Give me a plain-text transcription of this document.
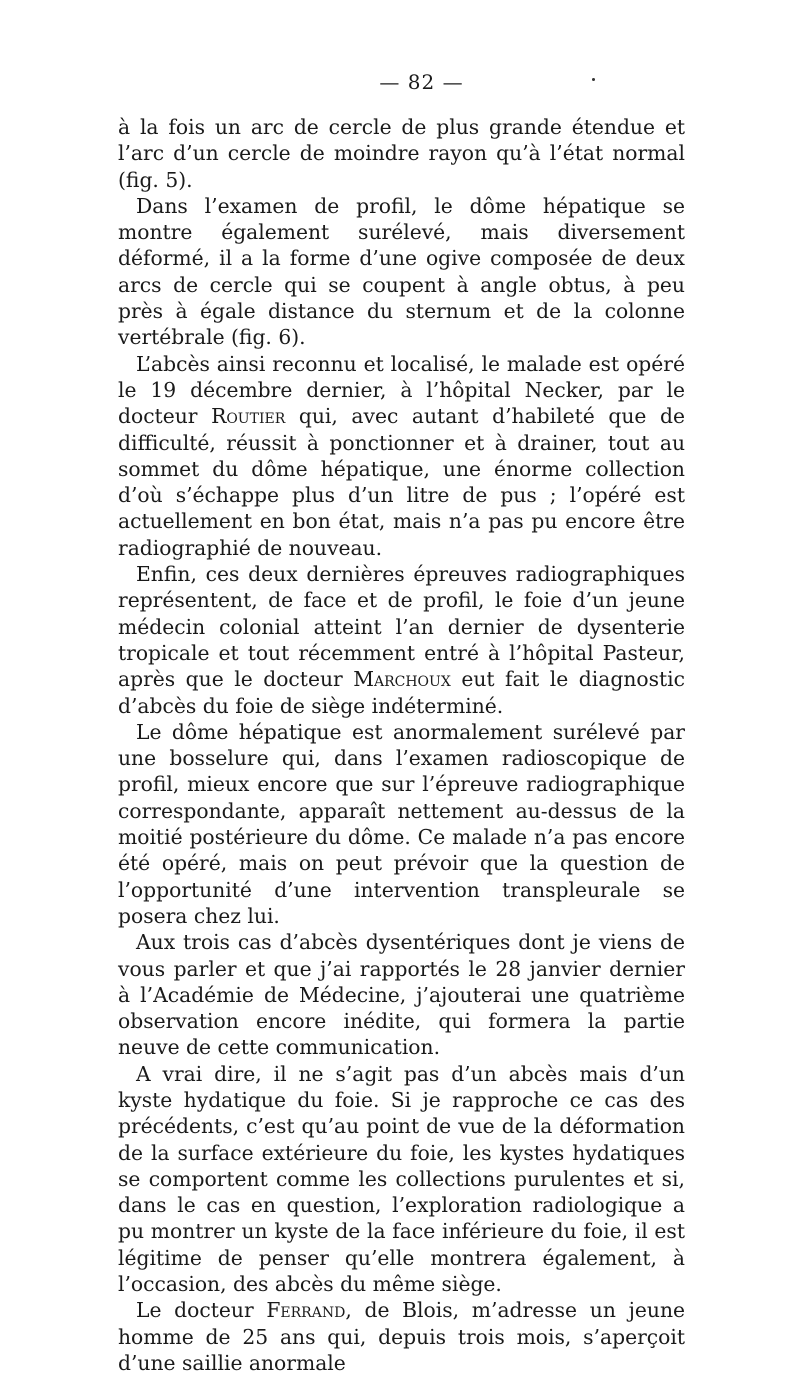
— 82 —

à la fois un arc de cercle de plus grande étendue et l’arc d’un cercle de moindre rayon qu’à l’état normal (fig. 5).

Dans l’examen de profil, le dôme hépatique se montre également surélevé, mais diversement déformé, il a la forme d’une ogive composée de deux arcs de cercle qui se coupent à angle obtus, à peu près à égale distance du sternum et de la colonne vertébrale (fig. 6).

L’abcès ainsi reconnu et localisé, le malade est opéré le 19 décembre dernier, à l’hôpital Necker, par le docteur Routier qui, avec autant d’habileté que de difficulté, réussit à ponctionner et à drainer, tout au sommet du dôme hépatique, une énorme collection d’où s’échappe plus d’un litre de pus ; l’opéré est actuellement en bon état, mais n’a pas pu encore être radiographié de nouveau.

Enfin, ces deux dernières épreuves radiographiques représentent, de face et de profil, le foie d’un jeune médecin colonial atteint l’an dernier de dysenterie tropicale et tout récemment entré à l’hôpital Pasteur, après que le docteur Marchoux eut fait le diagnostic d’abcès du foie de siège indéterminé.

Le dôme hépatique est anormalement surélevé par une bosselure qui, dans l’examen radioscopique de profil, mieux encore que sur l’épreuve radiographique correspondante, apparaît nettement au-dessus de la moitié postérieure du dôme. Ce malade n’a pas encore été opéré, mais on peut prévoir que la question de l’opportunité d’une intervention transpleurale se posera chez lui.

Aux trois cas d’abcès dysentériques dont je viens de vous parler et que j’ai rapportés le 28 janvier dernier à l’Académie de Médecine, j’ajouterai une quatrième observation encore inédite, qui formera la partie neuve de cette communication.

A vrai dire, il ne s’agit pas d’un abcès mais d’un kyste hydatique du foie. Si je rapproche ce cas des précédents, c’est qu’au point de vue de la déformation de la surface extérieure du foie, les kystes hydatiques se comportent comme les collections purulentes et si, dans le cas en question, l’exploration radiologique a pu montrer un kyste de la face inférieure du foie, il est légitime de penser qu’elle montrera également, à l’occasion, des abcès du même siège.

Le docteur Ferrand, de Blois, m’adresse un jeune homme de 25 ans qui, depuis trois mois, s’aperçoit d’une saillie anormale
